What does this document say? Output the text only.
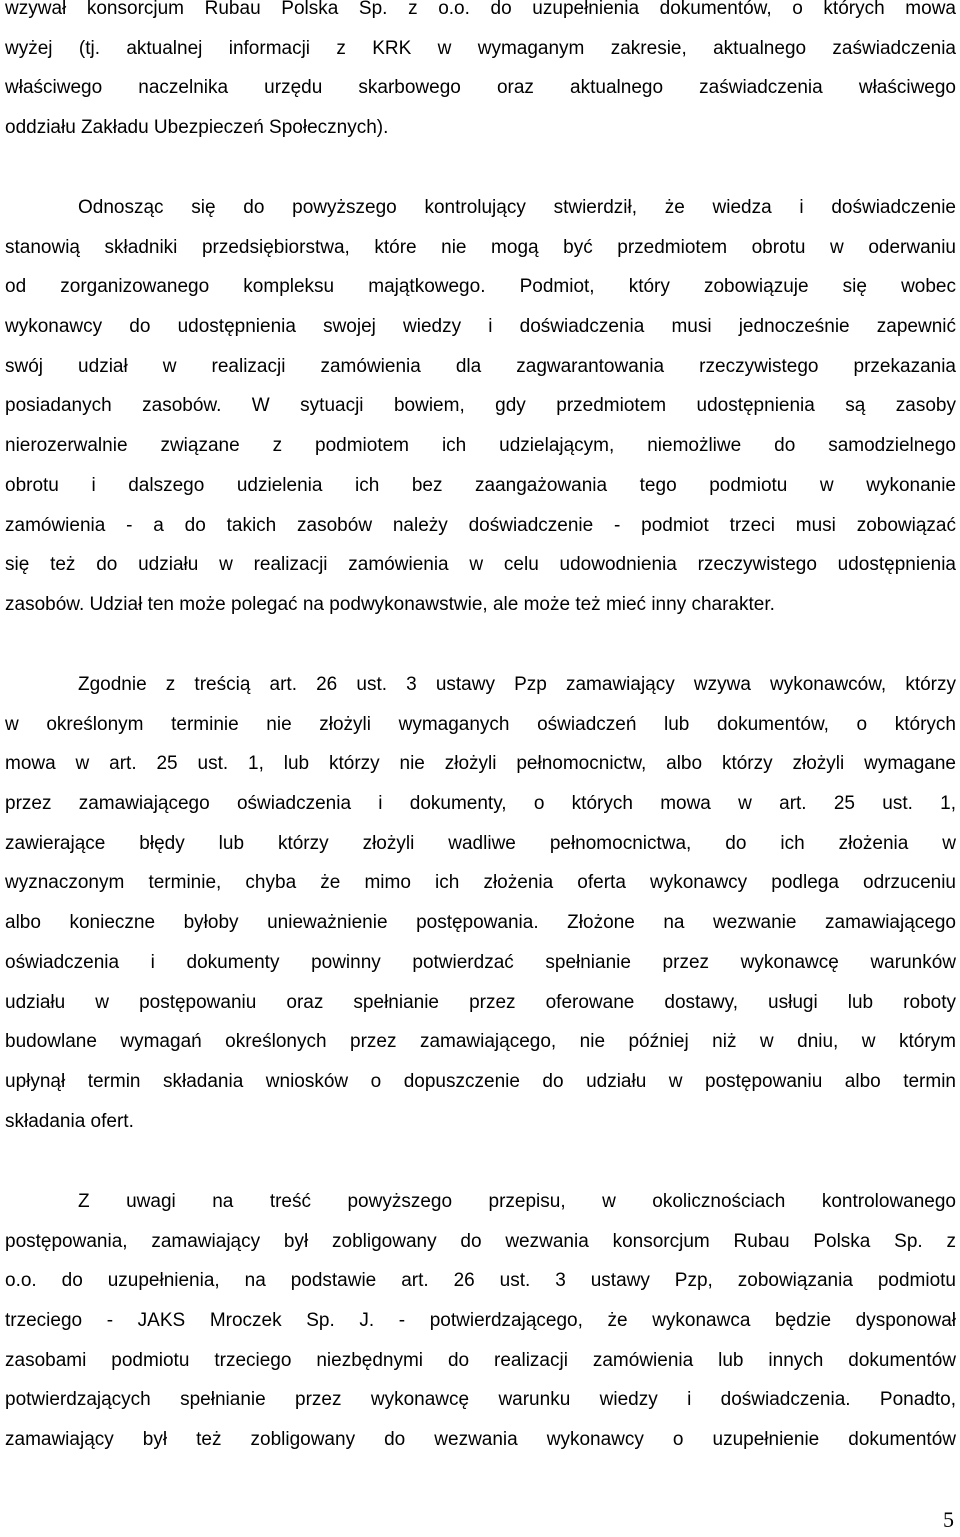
wzywał konsorcjum Rubau Polska Sp. z o.o. do uzupełnienia dokumentów, o których mowa
wyżej (tj. aktualnej informacji z KRK w wymaganym zakresie, aktualnego zaświadczenia
właściwego naczelnika urzędu skarbowego oraz aktualnego zaświadczenia właściwego
oddziału Zakładu Ubezpieczeń Społecznych).
Odnosząc się do powyższego kontrolujący stwierdził, że wiedza i doświadczenie
stanowią składniki przedsiębiorstwa, które nie mogą być przedmiotem obrotu w oderwaniu
od zorganizowanego kompleksu majątkowego. Podmiot, który zobowiązuje się wobec
wykonawcy do udostępnienia swojej wiedzy i doświadczenia musi jednocześnie zapewnić
swój udział w realizacji zamówienia dla zagwarantowania rzeczywistego przekazania
posiadanych zasobów. W sytuacji bowiem, gdy przedmiotem udostępnienia są zasoby
nierozerwalnie związane z podmiotem ich udzielającym, niemożliwe do samodzielnego
obrotu i dalszego udzielenia ich bez zaangażowania tego podmiotu w wykonanie
zamówienia - a do takich zasobów należy doświadczenie - podmiot trzeci musi zobowiązać
się też do udziału w realizacji zamówienia w celu udowodnienia rzeczywistego udostępnienia
zasobów. Udział ten może polegać na podwykonawstwie, ale może też mieć inny charakter.
Zgodnie z treścią art. 26 ust. 3 ustawy Pzp zamawiający wzywa wykonawców, którzy
w określonym terminie nie złożyli wymaganych oświadczeń lub dokumentów, o których
mowa w art. 25 ust. 1, lub którzy nie złożyli pełnomocnictw, albo którzy złożyli wymagane
przez zamawiającego oświadczenia i dokumenty, o których mowa w art. 25 ust. 1,
zawierające błędy lub którzy złożyli wadliwe pełnomocnictwa, do ich złożenia w
wyznaczonym terminie, chyba że mimo ich złożenia oferta wykonawcy podlega odrzuceniu
albo konieczne byłoby unieważnienie postępowania. Złożone na wezwanie zamawiającego
oświadczenia i dokumenty powinny potwierdzać spełnianie przez wykonawcę warunków
udziału w postępowaniu oraz spełnianie przez oferowane dostawy, usługi lub roboty
budowlane wymagań określonych przez zamawiającego, nie później niż w dniu, w którym
upłynął termin składania wniosków o dopuszczenie do udziału w postępowaniu albo termin
składania ofert.
Z uwagi na treść powyższego przepisu, w okolicznościach kontrolowanego
postępowania, zamawiający był zobligowany do wezwania konsorcjum Rubau Polska Sp. z
o.o. do uzupełnienia, na podstawie art. 26 ust. 3 ustawy Pzp, zobowiązania podmiotu
trzeciego - JAKS Mroczek Sp. J. - potwierdzającego, że wykonawca będzie dysponował
zasobami podmiotu trzeciego niezbędnymi do realizacji zamówienia lub innych dokumentów
potwierdzających spełnianie przez wykonawcę warunku wiedzy i doświadczenia. Ponadto,
zamawiający był też zobligowany do wezwania wykonawcy o uzupełnienie dokumentów
5
